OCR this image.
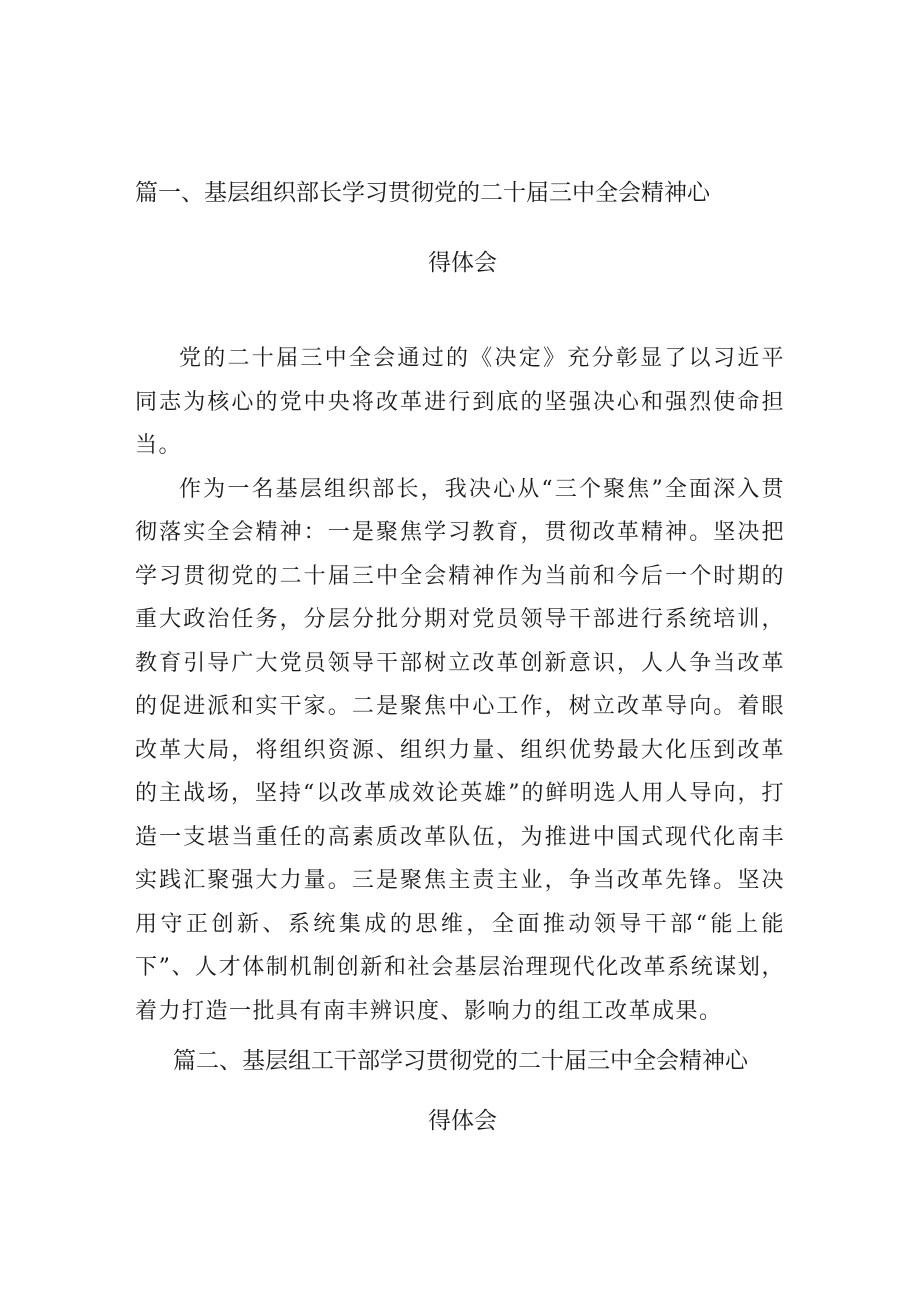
篇一、基层组织部长学习贯彻党的二十届三中全会精神心
得体会

党的二十届三中全会通过的《决定》充分彰显了以习近平同志为核心的党中央将改革进行到底的坚强决心和强烈使命担当。

作为一名基层组织部长，我决心从“三个聚焦”全面深入贯彻落实全会精神：一是聚焦学习教育，贯彻改革精神。坚决把学习贯彻党的二十届三中全会精神作为当前和今后一个时期的重大政治任务，分层分批分期对党员领导干部进行系统培训，教育引导广大党员领导干部树立改革创新意识，人人争当改革的促进派和实干家。二是聚焦中心工作，树立改革导向。着眼改革大局，将组织资源、组织力量、组织优势最大化压到改革的主战场，坚持“以改革成效论英雄”的鲜明选人用人导向，打造一支堪当重任的高素质改革队伍，为推进中国式现代化南丰实践汇聚强大力量。三是聚焦主责主业，争当改革先锋。坚决用守正创新、系统集成的思维，全面推动领导干部“能上能下”、人才体制机制创新和社会基层治理现代化改革系统谋划，着力打造一批具有南丰辨识度、影响力的组工改革成果。

篇二、基层组工干部学习贯彻党的二十届三中全会精神心
得体会
